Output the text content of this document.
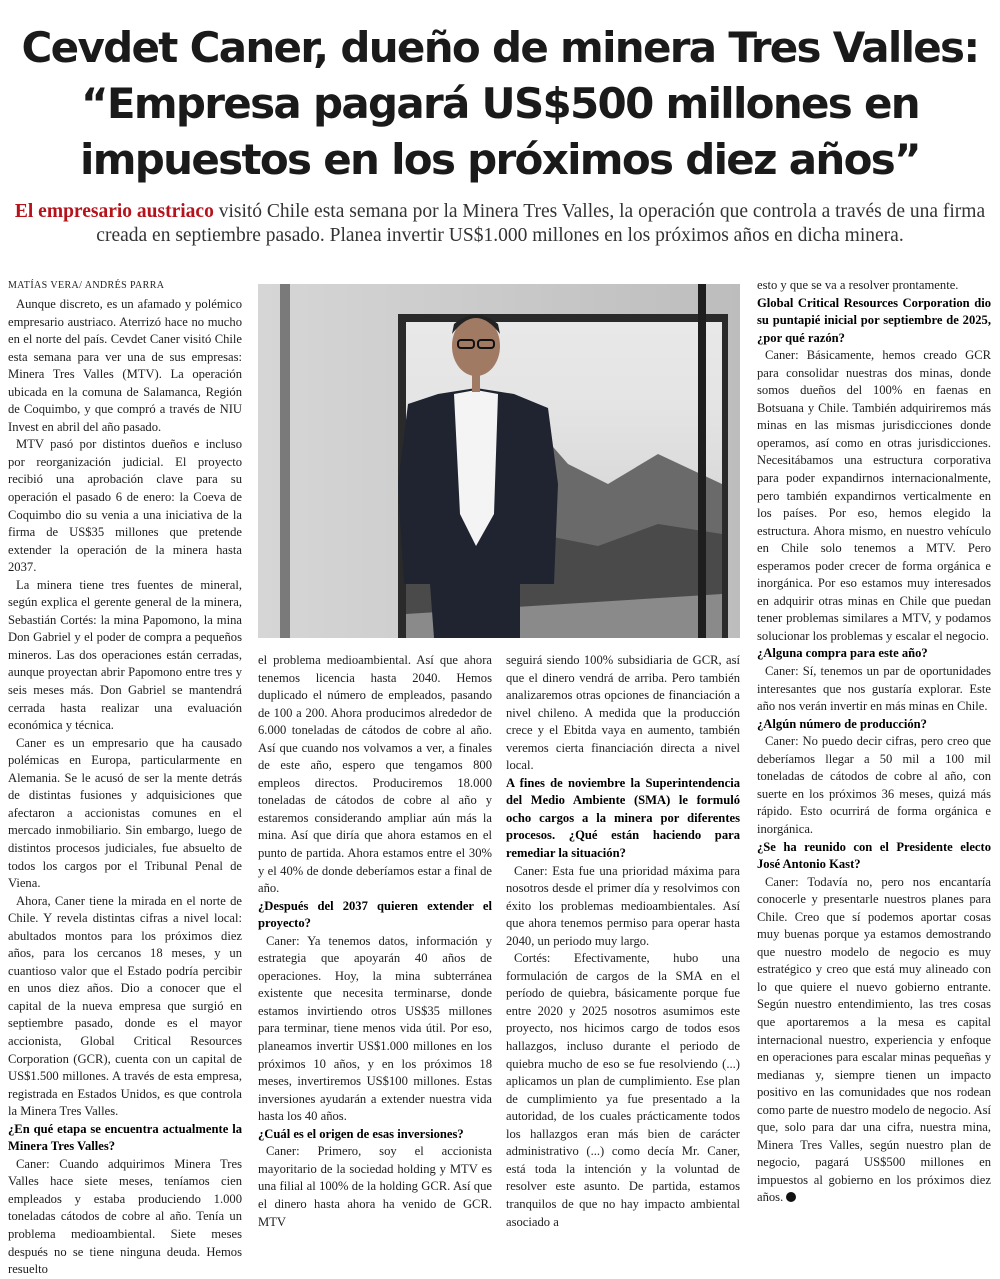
Cevdet Caner, dueño de minera Tres Valles:
“Empresa pagará US$500 millones en
impuestos en los próximos diez años”

El empresario austriaco visitó Chile esta semana por la Minera Tres Valles, la operación que controla a través de una firma creada en septiembre pasado. Planea invertir US$1.000 millones en los próximos años en dicha minera.

MATÍAS VERA/ ANDRÉS PARRA

Aunque discreto, es un afamado y polémico empresario austriaco. Aterrizó hace no mucho en el norte del país. Cevdet Caner visitó Chile esta semana para ver una de sus empresas: Minera Tres Valles (MTV). La operación ubicada en la comuna de Salamanca, Región de Coquimbo, y que compró a través de NIU Invest en abril del año pasado.

MTV pasó por distintos dueños e incluso por reorganización judicial. El proyecto recibió una aprobación clave para su operación el pasado 6 de enero: la Coeva de Coquimbo dio su venia a una iniciativa de la firma de US$35 millones que pretende extender la operación de la minera hasta 2037.

La minera tiene tres fuentes de mineral, según explica el gerente general de la minera, Sebastián Cortés: la mina Papomono, la mina Don Gabriel y el poder de compra a pequeños mineros. Las dos operaciones están cerradas, aunque proyectan abrir Papomono entre tres y seis meses más. Don Gabriel se mantendrá cerrada hasta realizar una evaluación económica y técnica.

Caner es un empresario que ha causado polémicas en Europa, particularmente en Alemania. Se le acusó de ser la mente detrás de distintas fusiones y adquisiciones que afectaron a accionistas comunes en el mercado inmobiliario. Sin embargo, luego de distintos procesos judiciales, fue absuelto de todos los cargos por el Tribunal Penal de Viena.

Ahora, Caner tiene la mirada en el norte de Chile. Y revela distintas cifras a nivel local: abultados montos para los próximos diez años, para los cercanos 18 meses, y un cuantioso valor que el Estado podría percibir en unos diez años. Dio a conocer que el capital de la nueva empresa que surgió en septiembre pasado, donde es el mayor accionista, Global Critical Resources Corporation (GCR), cuenta con un capital de US$1.500 millones. A través de esta empresa, registrada en Estados Unidos, es que controla la Minera Tres Valles.

¿En qué etapa se encuentra actualmente la Minera Tres Valles?

Caner: Cuando adquirimos Minera Tres Valles hace siete meses, teníamos cien empleados y estaba produciendo 1.000 toneladas cátodos de cobre al año. Tenía un problema medioambiental. Siete meses después no se tiene ninguna deuda. Hemos resuelto

el problema medioambiental. Así que ahora tenemos licencia hasta 2040. Hemos duplicado el número de empleados, pasando de 100 a 200. Ahora producimos alrededor de 6.000 toneladas de cátodos de cobre al año. Así que cuando nos volvamos a ver, a finales de este año, espero que tengamos 800 empleos directos. Produciremos 18.000 toneladas de cátodos de cobre al año y estaremos considerando ampliar aún más la mina. Así que diría que ahora estamos en el punto de partida. Ahora estamos entre el 30% y el 40% de donde deberíamos estar a final de año.

¿Después del 2037 quieren extender el proyecto?

Caner: Ya tenemos datos, información y estrategia que apoyarán 40 años de operaciones. Hoy, la mina subterránea existente que necesita terminarse, donde estamos invirtiendo otros US$35 millones para terminar, tiene menos vida útil. Por eso, planeamos invertir US$1.000 millones en los próximos 10 años, y en los próximos 18 meses, invertiremos US$100 millones. Estas inversiones ayudarán a extender nuestra vida hasta los 40 años.

¿Cuál es el origen de esas inversiones?

Caner: Primero, soy el accionista mayoritario de la sociedad holding y MTV es una filial al 100% de la holding GCR. Así que el dinero hasta ahora ha venido de GCR. MTV

seguirá siendo 100% subsidiaria de GCR, así que el dinero vendrá de arriba. Pero también analizaremos otras opciones de financiación a nivel chileno. A medida que la producción crece y el Ebitda vaya en aumento, también veremos cierta financiación directa a nivel local.

A fines de noviembre la Superintendencia del Medio Ambiente (SMA) le formuló ocho cargos a la minera por diferentes procesos. ¿Qué están haciendo para remediar la situación?

Caner: Esta fue una prioridad máxima para nosotros desde el primer día y resolvimos con éxito los problemas medioambientales. Así que ahora tenemos permiso para operar hasta 2040, un periodo muy largo.

Cortés: Efectivamente, hubo una formulación de cargos de la SMA en el período de quiebra, básicamente porque fue entre 2020 y 2025 nosotros asumimos este proyecto, nos hicimos cargo de todos esos hallazgos, incluso durante el periodo de quiebra mucho de eso se fue resolviendo (...) aplicamos un plan de cumplimiento. Ese plan de cumplimiento ya fue presentado a la autoridad, de los cuales prácticamente todos los hallazgos eran más bien de carácter administrativo (...) como decía Mr. Caner, está toda la intención y la voluntad de resolver este asunto. De partida, estamos tranquilos de que no hay impacto ambiental asociado a

esto y que se va a resolver prontamente.

Global Critical Resources Corporation dio su puntapié inicial por septiembre de 2025, ¿por qué razón?

Caner: Básicamente, hemos creado GCR para consolidar nuestras dos minas, donde somos dueños del 100% en faenas en Botsuana y Chile. También adquiriremos más minas en las mismas jurisdicciones donde operamos, así como en otras jurisdicciones. Necesitábamos una estructura corporativa para poder expandirnos internacionalmente, pero también expandirnos verticalmente en los países. Por eso, hemos elegido la estructura. Ahora mismo, en nuestro vehículo en Chile solo tenemos a MTV. Pero esperamos poder crecer de forma orgánica e inorgánica. Por eso estamos muy interesados en adquirir otras minas en Chile que puedan tener problemas similares a MTV, y podamos solucionar los problemas y escalar el negocio.

¿Alguna compra para este año?

Caner: Sí, tenemos un par de oportunidades interesantes que nos gustaría explorar. Este año nos verán invertir en más minas en Chile.

¿Algún número de producción?

Caner: No puedo decir cifras, pero creo que deberíamos llegar a 50 mil a 100 mil toneladas de cátodos de cobre al año, con suerte en los próximos 36 meses, quizá más rápido. Esto ocurrirá de forma orgánica e inorgánica.

¿Se ha reunido con el Presidente electo José Antonio Kast?

Caner: Todavía no, pero nos encantaría conocerle y presentarle nuestros planes para Chile. Creo que sí podemos aportar cosas muy buenas porque ya estamos demostrando que nuestro modelo de negocio es muy estratégico y creo que está muy alineado con lo que quiere el nuevo gobierno entrante. Según nuestro entendimiento, las tres cosas que aportaremos a la mesa es capital internacional nuestro, experiencia y enfoque en operaciones para escalar minas pequeñas y medianas y, siempre tienen un impacto positivo en las comunidades que nos rodean como parte de nuestro modelo de negocio. Así que, solo para dar una cifra, nuestra mina, Minera Tres Valles, según nuestro plan de negocio, pagará US$500 millones en impuestos al gobierno en los próximos diez años.
